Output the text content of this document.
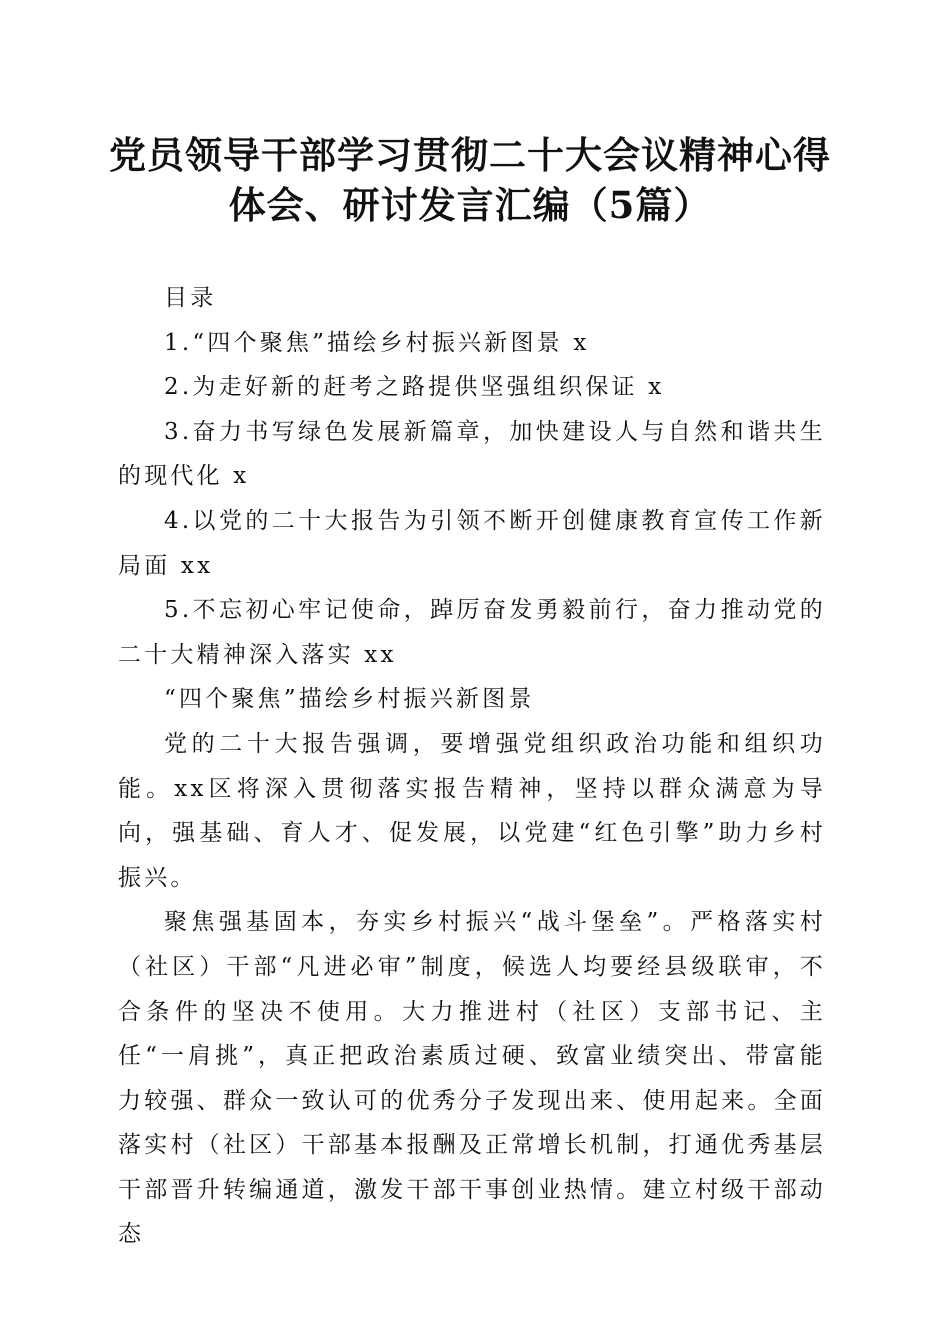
党员领导干部学习贯彻二十大会议精神心得体会、研讨发言汇编（5篇）

目录

1.“四个聚焦”描绘乡村振兴新图景 x

2.为走好新的赶考之路提供坚强组织保证 x

3.奋力书写绿色发展新篇章，加快建设人与自然和谐共生的现代化 x

4.以党的二十大报告为引领不断开创健康教育宣传工作新局面 xx

5.不忘初心牢记使命，踔厉奋发勇毅前行，奋力推动党的二十大精神深入落实 xx

“四个聚焦”描绘乡村振兴新图景

党的二十大报告强调，要增强党组织政治功能和组织功能。xx区将深入贯彻落实报告精神，坚持以群众满意为导向，强基础、育人才、促发展，以党建“红色引擎”助力乡村振兴。

聚焦强基固本，夯实乡村振兴“战斗堡垒”。严格落实村（社区）干部“凡进必审”制度，候选人均要经县级联审，不合条件的坚决不使用。大力推进村（社区）支部书记、主任“一肩挑”，真正把政治素质过硬、致富业绩突出、带富能力较强、群众一致认可的优秀分子发现出来、使用起来。全面落实村（社区）干部基本报酬及正常增长机制，打通优秀基层干部晋升转编通道，激发干部干事创业热情。建立村级干部动态
